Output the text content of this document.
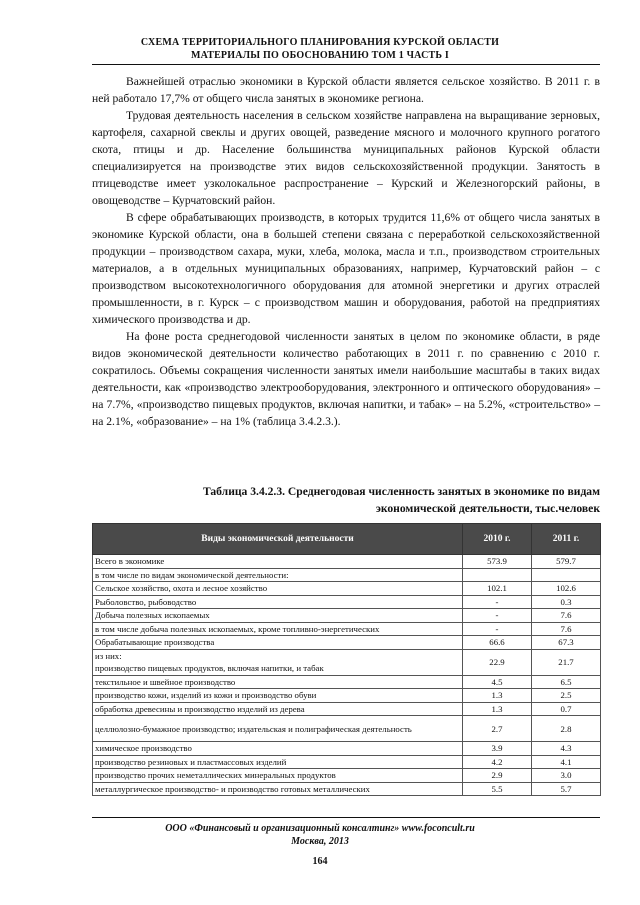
СХЕМА ТЕРРИТОРИАЛЬНОГО ПЛАНИРОВАНИЯ КУРСКОЙ ОБЛАСТИ
МАТЕРИАЛЫ ПО ОБОСНОВАНИЮ ТОМ 1 ЧАСТЬ I

Важнейшей отраслью экономики в Курской области является сельское хозяйство. В 2011 г. в ней работало 17,7% от общего числа занятых в экономике региона.

Трудовая деятельность населения в сельском хозяйстве направлена на выращивание зерновых, картофеля, сахарной свеклы и других овощей, разведение мясного и молочного крупного рогатого скота, птицы и др. Население большинства муниципальных районов Курской области специализируется на производстве этих видов сельскохозяйственной продукции. Занятость в птицеводстве имеет узколокальное распространение – Курский и Железногорский районы, в овощеводстве – Курчатовский район.

В сфере обрабатывающих производств, в которых трудится 11,6% от общего числа занятых в экономике Курской области, она в большей степени связана с переработкой сельскохозяйственной продукции – производством сахара, муки, хлеба, молока, масла и т.п., производством строительных материалов, а в отдельных муниципальных образованиях, например, Курчатовский район – с производством высокотехнологичного оборудования для атомной энергетики и других отраслей промышленности, в г. Курск – с производством машин и оборудования, работой на предприятиях химического производства и др.

На фоне роста среднегодовой численности занятых в целом по экономике области, в ряде видов экономической деятельности количество работающих в 2011 г. по сравнению с 2010 г. сократилось. Объемы сокращения численности занятых имели наибольшие масштабы в таких видах деятельности, как «производство электрооборудования, электронного и оптического оборудования» – на 7.7%, «производство пищевых продуктов, включая напитки, и табак» – на 5.2%, «строительство» – на 2.1%, «образование» – на 1% (таблица 3.4.2.3.).

Таблица 3.4.2.3. Среднегодовая численность занятых в экономике по видам
экономической деятельности, тыс.человек
Виды экономической деятельности	2010 г.	2011 г.
Всего в экономике	573.9	579.7
в том числе по видам экономической деятельности:		
Сельское хозяйство, охота и лесное хозяйство	102.1	102.6
Рыболовство, рыбоводство	-	0.3
Добыча полезных ископаемых	-	7.6
в том числе добыча полезных ископаемых, кроме топливно-энергетических	-	7.6
Обрабатывающие производства	66.6	67.3
из них:
производство пищевых продуктов, включая напитки, и табак	22.9	21.7
текстильное и швейное производство	4.5	6.5
производство кожи, изделий из кожи и производство обуви	1.3	2.5
обработка древесины и производство изделий из дерева	1.3	0.7
целлюлозно-бумажное производство; издательская и полиграфическая деятельность	2.7	2.8
химическое производство	3.9	4.3
производство резиновых и пластмассовых изделий	4.2	4.1
производство прочих неметаллических минеральных продуктов	2.9	3.0
металлургическое производство- и производство готовых металлических	5.5	5.7
ООО «Финансовый и организационный консалтинг» www.foconcult.ru
Москва, 2013
164
